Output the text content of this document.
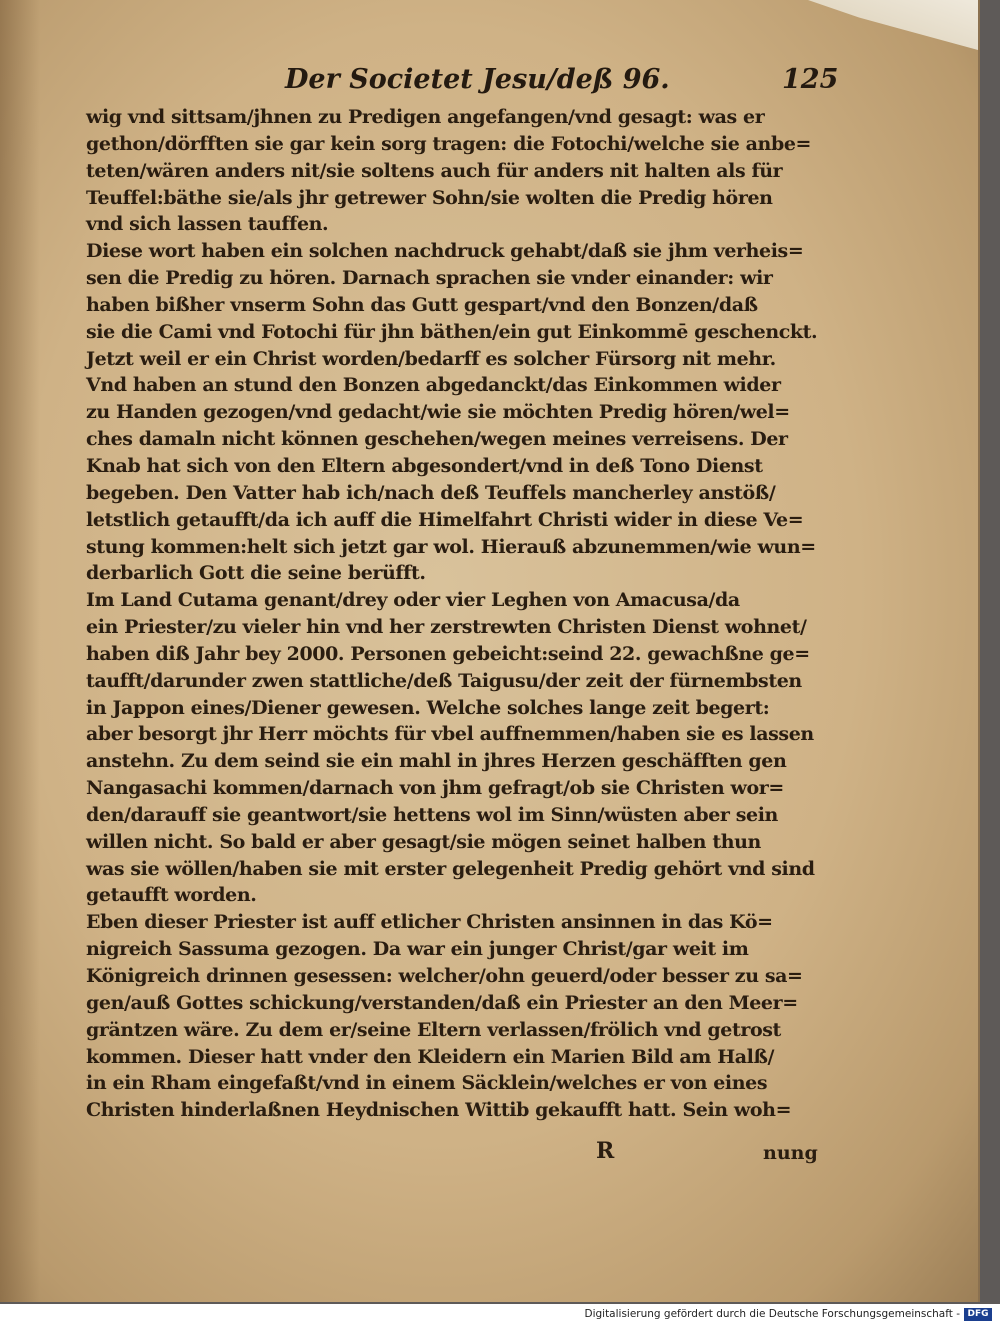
Der Societet Jesu/deß 96.	125
wig vnd sittsam/jhnen zu Predigen angefangen/vnd gesagt: was er
gethon/dörfften sie gar kein sorg tragen: die Fotochi/welche sie anbe=
teten/wären anders nit/sie soltens auch für anders nit halten als für
Teuffel:bäthe sie/als jhr getrewer Sohn/sie wolten die Predig hören
vnd sich lassen tauffen.
Diese wort haben ein solchen nachdruck gehabt/daß sie jhm verheis=
sen die Predig zu hören. Darnach sprachen sie vnder einander: wir
haben bißher vnserm Sohn das Gutt gespart/vnd den Bonzen/daß
sie die Cami vnd Fotochi für jhn bäthen/ein gut Einkommē geschenckt.
Jetzt weil er ein Christ worden/bedarff es solcher Fürsorg nit mehr.
Vnd haben an stund den Bonzen abgedanckt/das Einkommen wider
zu Handen gezogen/vnd gedacht/wie sie möchten Predig hören/wel=
ches damaln nicht können geschehen/wegen meines verreisens. Der
Knab hat sich von den Eltern abgesondert/vnd in deß Tono Dienst
begeben. Den Vatter hab ich/nach deß Teuffels mancherley anstöß/
letstlich getaufft/da ich auff die Himelfahrt Christi wider in diese Ve=
stung kommen:helt sich jetzt gar wol. Hierauß abzunemmen/wie wun=
derbarlich Gott die seine berüfft.
Im Land Cutama genant/drey oder vier Leghen von Amacusa/da
ein Priester/zu vieler hin vnd her zerstrewten Christen Dienst wohnet/
haben diß Jahr bey 2000. Personen gebeicht:seind 22. gewachßne ge=
taufft/darunder zwen stattliche/deß Taigusu/der zeit der fürnembsten
in Jappon eines/Diener gewesen. Welche solches lange zeit begert:
aber besorgt jhr Herr möchts für vbel auffnemmen/haben sie es lassen
anstehn. Zu dem seind sie ein mahl in jhres Herzen geschäfften gen
Nangasachi kommen/darnach von jhm gefragt/ob sie Christen wor=
den/darauff sie geantwort/sie hettens wol im Sinn/wüsten aber sein
willen nicht. So bald er aber gesagt/sie mögen seinet halben thun
was sie wöllen/haben sie mit erster gelegenheit Predig gehört vnd sind
getaufft worden.
Eben dieser Priester ist auff etlicher Christen ansinnen in das Kö=
nigreich Sassuma gezogen. Da war ein junger Christ/gar weit im
Königreich drinnen gesessen: welcher/ohn geuerd/oder besser zu sa=
gen/auß Gottes schickung/verstanden/daß ein Priester an den Meer=
gräntzen wäre. Zu dem er/seine Eltern verlassen/frölich vnd getrost
kommen. Dieser hatt vnder den Kleidern ein Marien Bild am Halß/
in ein Rham eingefaßt/vnd in einem Säcklein/welches er von eines
Christen hinderlaßnen Heydnischen Wittib gekaufft hatt. Sein woh=
R	nung
Digitalisierung gefördert durch die Deutsche Forschungsgemeinschaft - DFG
